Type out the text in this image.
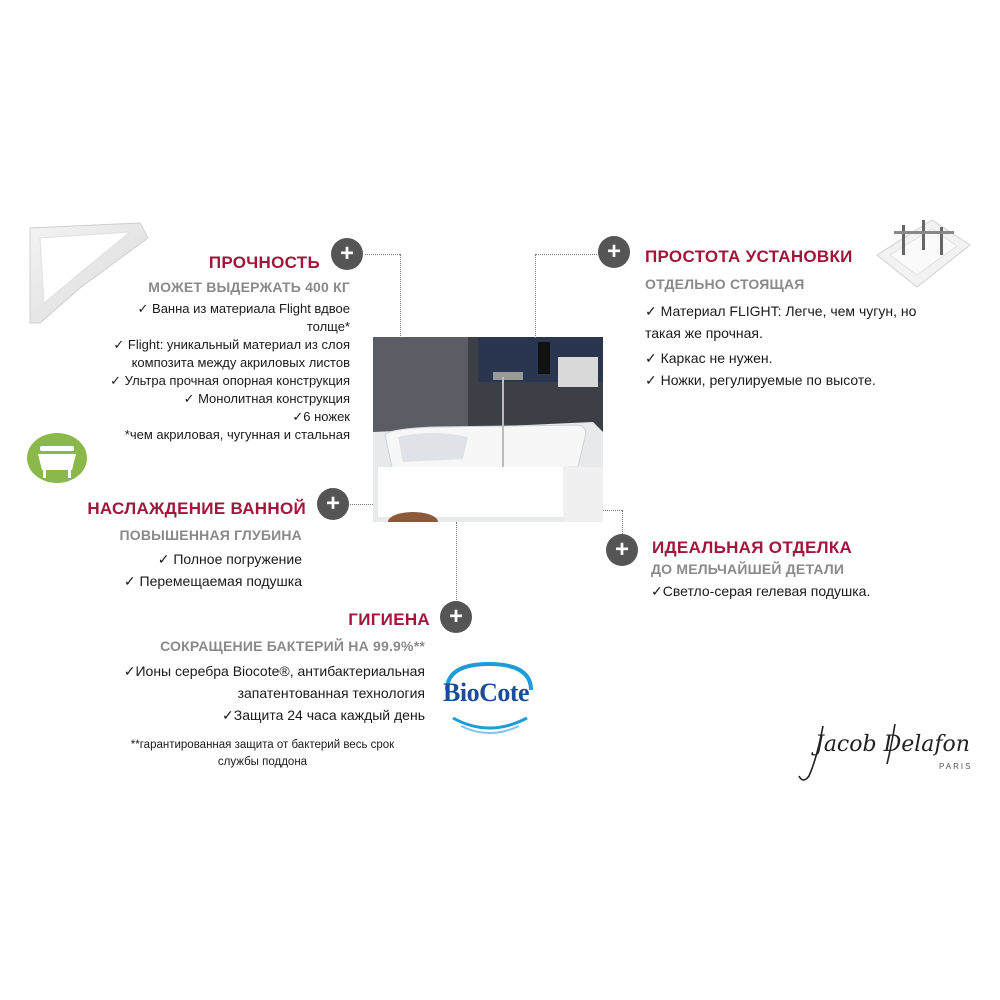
+	+
+
+
+
ПРОЧНОСТЬ
МОЖЕТ ВЫДЕРЖАТЬ 400 КГ
✓ Ванна из материала Flight вдвое
толще*
✓ Flight: уникальный материал из слоя
композита между акриловых листов
✓ Ультра прочная опорная конструкция
✓ Монолитная конструкция
✓6 ножек
*чем акриловая, чугунная и стальная
ПРОСТОТА УСТАНОВКИ
ОТДЕЛЬНО СТОЯЩАЯ
✓ Материал FLIGHT: Легче, чем чугун, но
такая же прочная.
✓ Каркас не нужен.
✓ Ножки, регулируемые по высоте.
НАСЛАЖДЕНИЕ ВАННОЙ
ПОВЫШЕННАЯ ГЛУБИНА
✓ Полное погружение
✓ Перемещаемая подушка
ИДЕАЛЬНАЯ ОТДЕЛКА
ДО МЕЛЬЧАЙШЕЙ ДЕТАЛИ
✓Светло-серая гелевая подушка.
ГИГИЕНА
СОКРАЩЕНИЕ БАКТЕРИЙ НА 99.9%**
✓Ионы серебра Biocote®, антибактериальная
запатентованная технология
✓Защита 24 часа каждый день
**гарантированная защита от бактерий весь срок
службы поддона
BioCote
Jacob Delafon
PARIS
